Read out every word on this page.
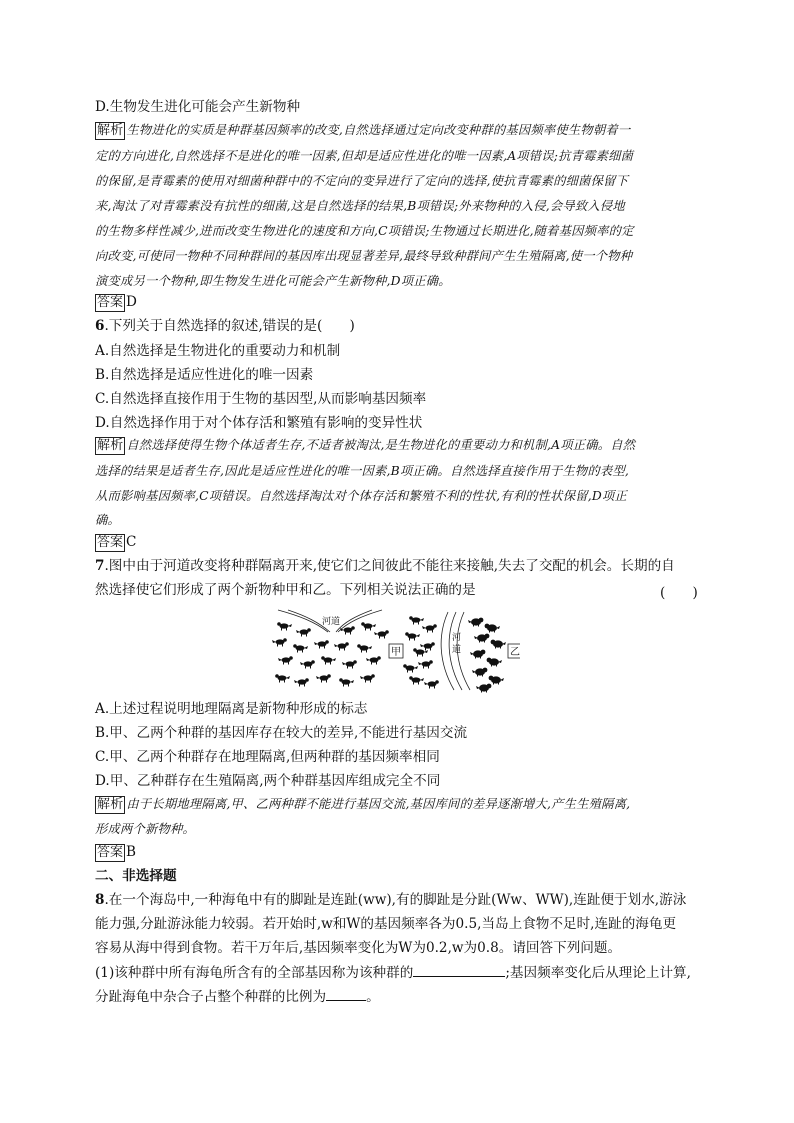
D.生物发生进化可能会产生新物种
解析 生物进化的实质是种群基因频率的改变,自然选择通过定向改变种群的基因频率使生物朝着一
定的方向进化,自然选择不是进化的唯一因素,但却是适应性进化的唯一因素,A项错误;抗青霉素细菌
的保留,是青霉素的使用对细菌种群中的不定向的变异进行了定向的选择,使抗青霉素的细菌保留下
来,淘汰了对青霉素没有抗性的细菌,这是自然选择的结果,B项错误;外来物种的入侵,会导致入侵地
的生物多样性减少,进而改变生物进化的速度和方向,C项错误;生物通过长期进化,随着基因频率的定
向改变,可使同一物种不同种群间的基因库出现显著差异,最终导致种群间产生生殖隔离,使一个物种
演变成另一个物种,即生物发生进化可能会产生新物种,D项正确。
答案 D
6.下列关于自然选择的叙述,错误的是(　　)
A.自然选择是生物进化的重要动力和机制
B.自然选择是适应性进化的唯一因素
C.自然选择直接作用于生物的基因型,从而影响基因频率
D.自然选择作用于对个体存活和繁殖有影响的变异性状
解析 自然选择使得生物个体适者生存,不适者被淘汰,是生物进化的重要动力和机制,A项正确。自然
选择的结果是适者生存,因此是适应性进化的唯一因素,B项正确。自然选择直接作用于生物的表型,
从而影响基因频率,C项错误。自然选择淘汰对个体存活和繁殖不利的性状,有利的性状保留,D项正
确。
答案 C
7.图中由于河道改变将种群隔离开来,使它们之间彼此不能往来接触,失去了交配的机会。长期的自
然选择使它们形成了两个新物种甲和乙。下列相关说法正确的是	(　　)
河道
河道
甲	乙
A.上述过程说明地理隔离是新物种形成的标志
B.甲、乙两个种群的基因库存在较大的差异,不能进行基因交流
C.甲、乙两个种群存在地理隔离,但两种群的基因频率相同
D.甲、乙种群存在生殖隔离,两个种群基因库组成完全不同
解析 由于长期地理隔离,甲、乙两种群不能进行基因交流,基因库间的差异逐渐增大,产生生殖隔离,
形成两个新物种。
答案 B
二、非选择题
8.在一个海岛中,一种海龟中有的脚趾是连趾(ww),有的脚趾是分趾(Ww、WW),连趾便于划水,游泳
能力强,分趾游泳能力较弱。若开始时,w和W的基因频率各为0.5,当岛上食物不足时,连趾的海龟更
容易从海中得到食物。若干万年后,基因频率变化为W为0.2,w为0.8。请回答下列问题。
(1)该种群中所有海龟所含有的全部基因称为该种群的	;基因频率变化后从理论上计算,
分趾海龟中杂合子占整个种群的比例为	。
